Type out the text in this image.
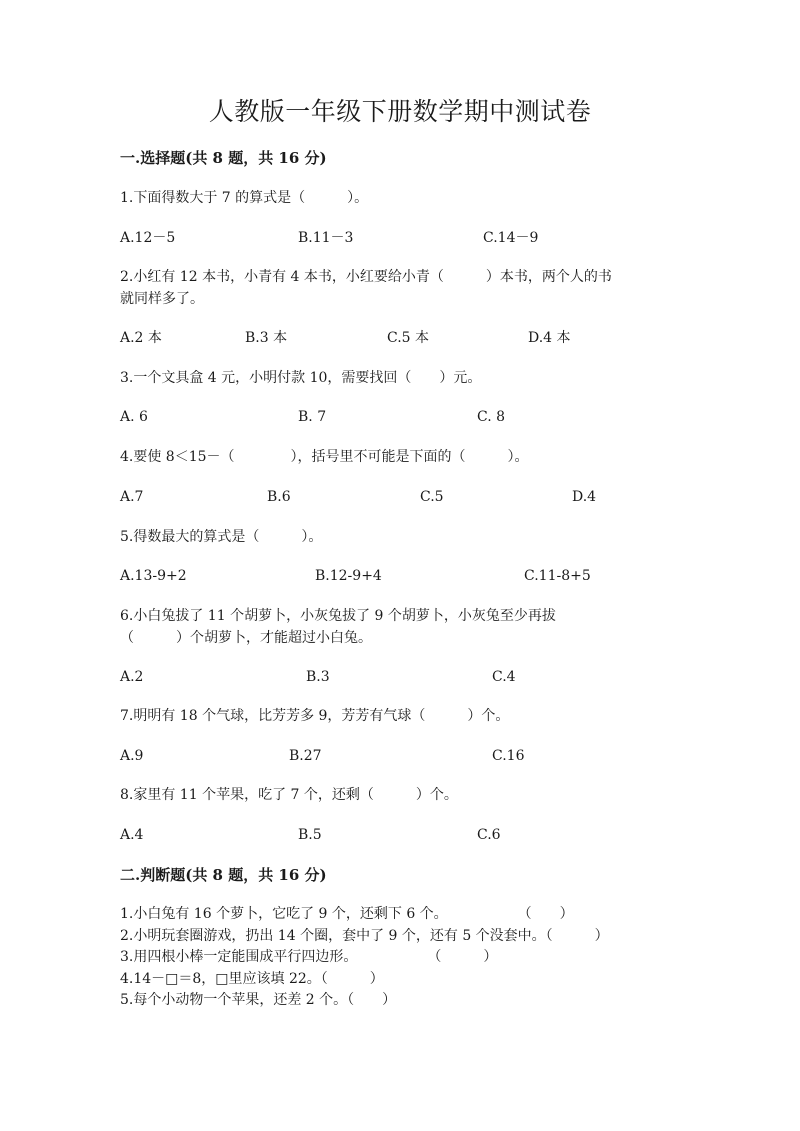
人教版一年级下册数学期中测试卷
一.选择题(共 8 题，共 16 分)
1.下面得数大于 7 的算式是（　　　）。
A.12－5	B.11－3	C.14－9
2.小红有 12 本书，小青有 4 本书，小红要给小青（　　　）本书，两个人的书
就同样多了。
A.2 本	B.3 本	C.5 本	D.4 本
3.一个文具盒 4 元，小明付款 10，需要找回（　　）元。
A. 6	B. 7	C. 8
4.要使 8＜15－（　　　　），括号里不可能是下面的（　　　）。
A.7	B.6	C.5	D.4
5.得数最大的算式是（　　　）。
A.13-9+2	B.12-9+4	C.11-8+5
6.小白兔拔了 11 个胡萝卜，小灰兔拔了 9 个胡萝卜，小灰兔至少再拔
（　　　）个胡萝卜，才能超过小白兔。
A.2	B.3	C.4
7.明明有 18 个气球，比芳芳多 9，芳芳有气球（　　　）个。
A.9	B.27	C.16
8.家里有 11 个苹果，吃了 7 个，还剩（　　　）个。
A.4	B.5	C.6
二.判断题(共 8 题，共 16 分)
1.小白兔有 16 个萝卜，它吃了 9 个，还剩下 6 个。　　　　　　（　　）
2.小明玩套圈游戏，扔出 14 个圈，套中了 9 个，还有 5 个没套中。（　　　）
3.用四根小棒一定能围成平行四边形。　　　　　　（　　　）
4.14－□＝8，□里应该填 22。（　　　）
5.每个小动物一个苹果，还差 2 个。（　　）
